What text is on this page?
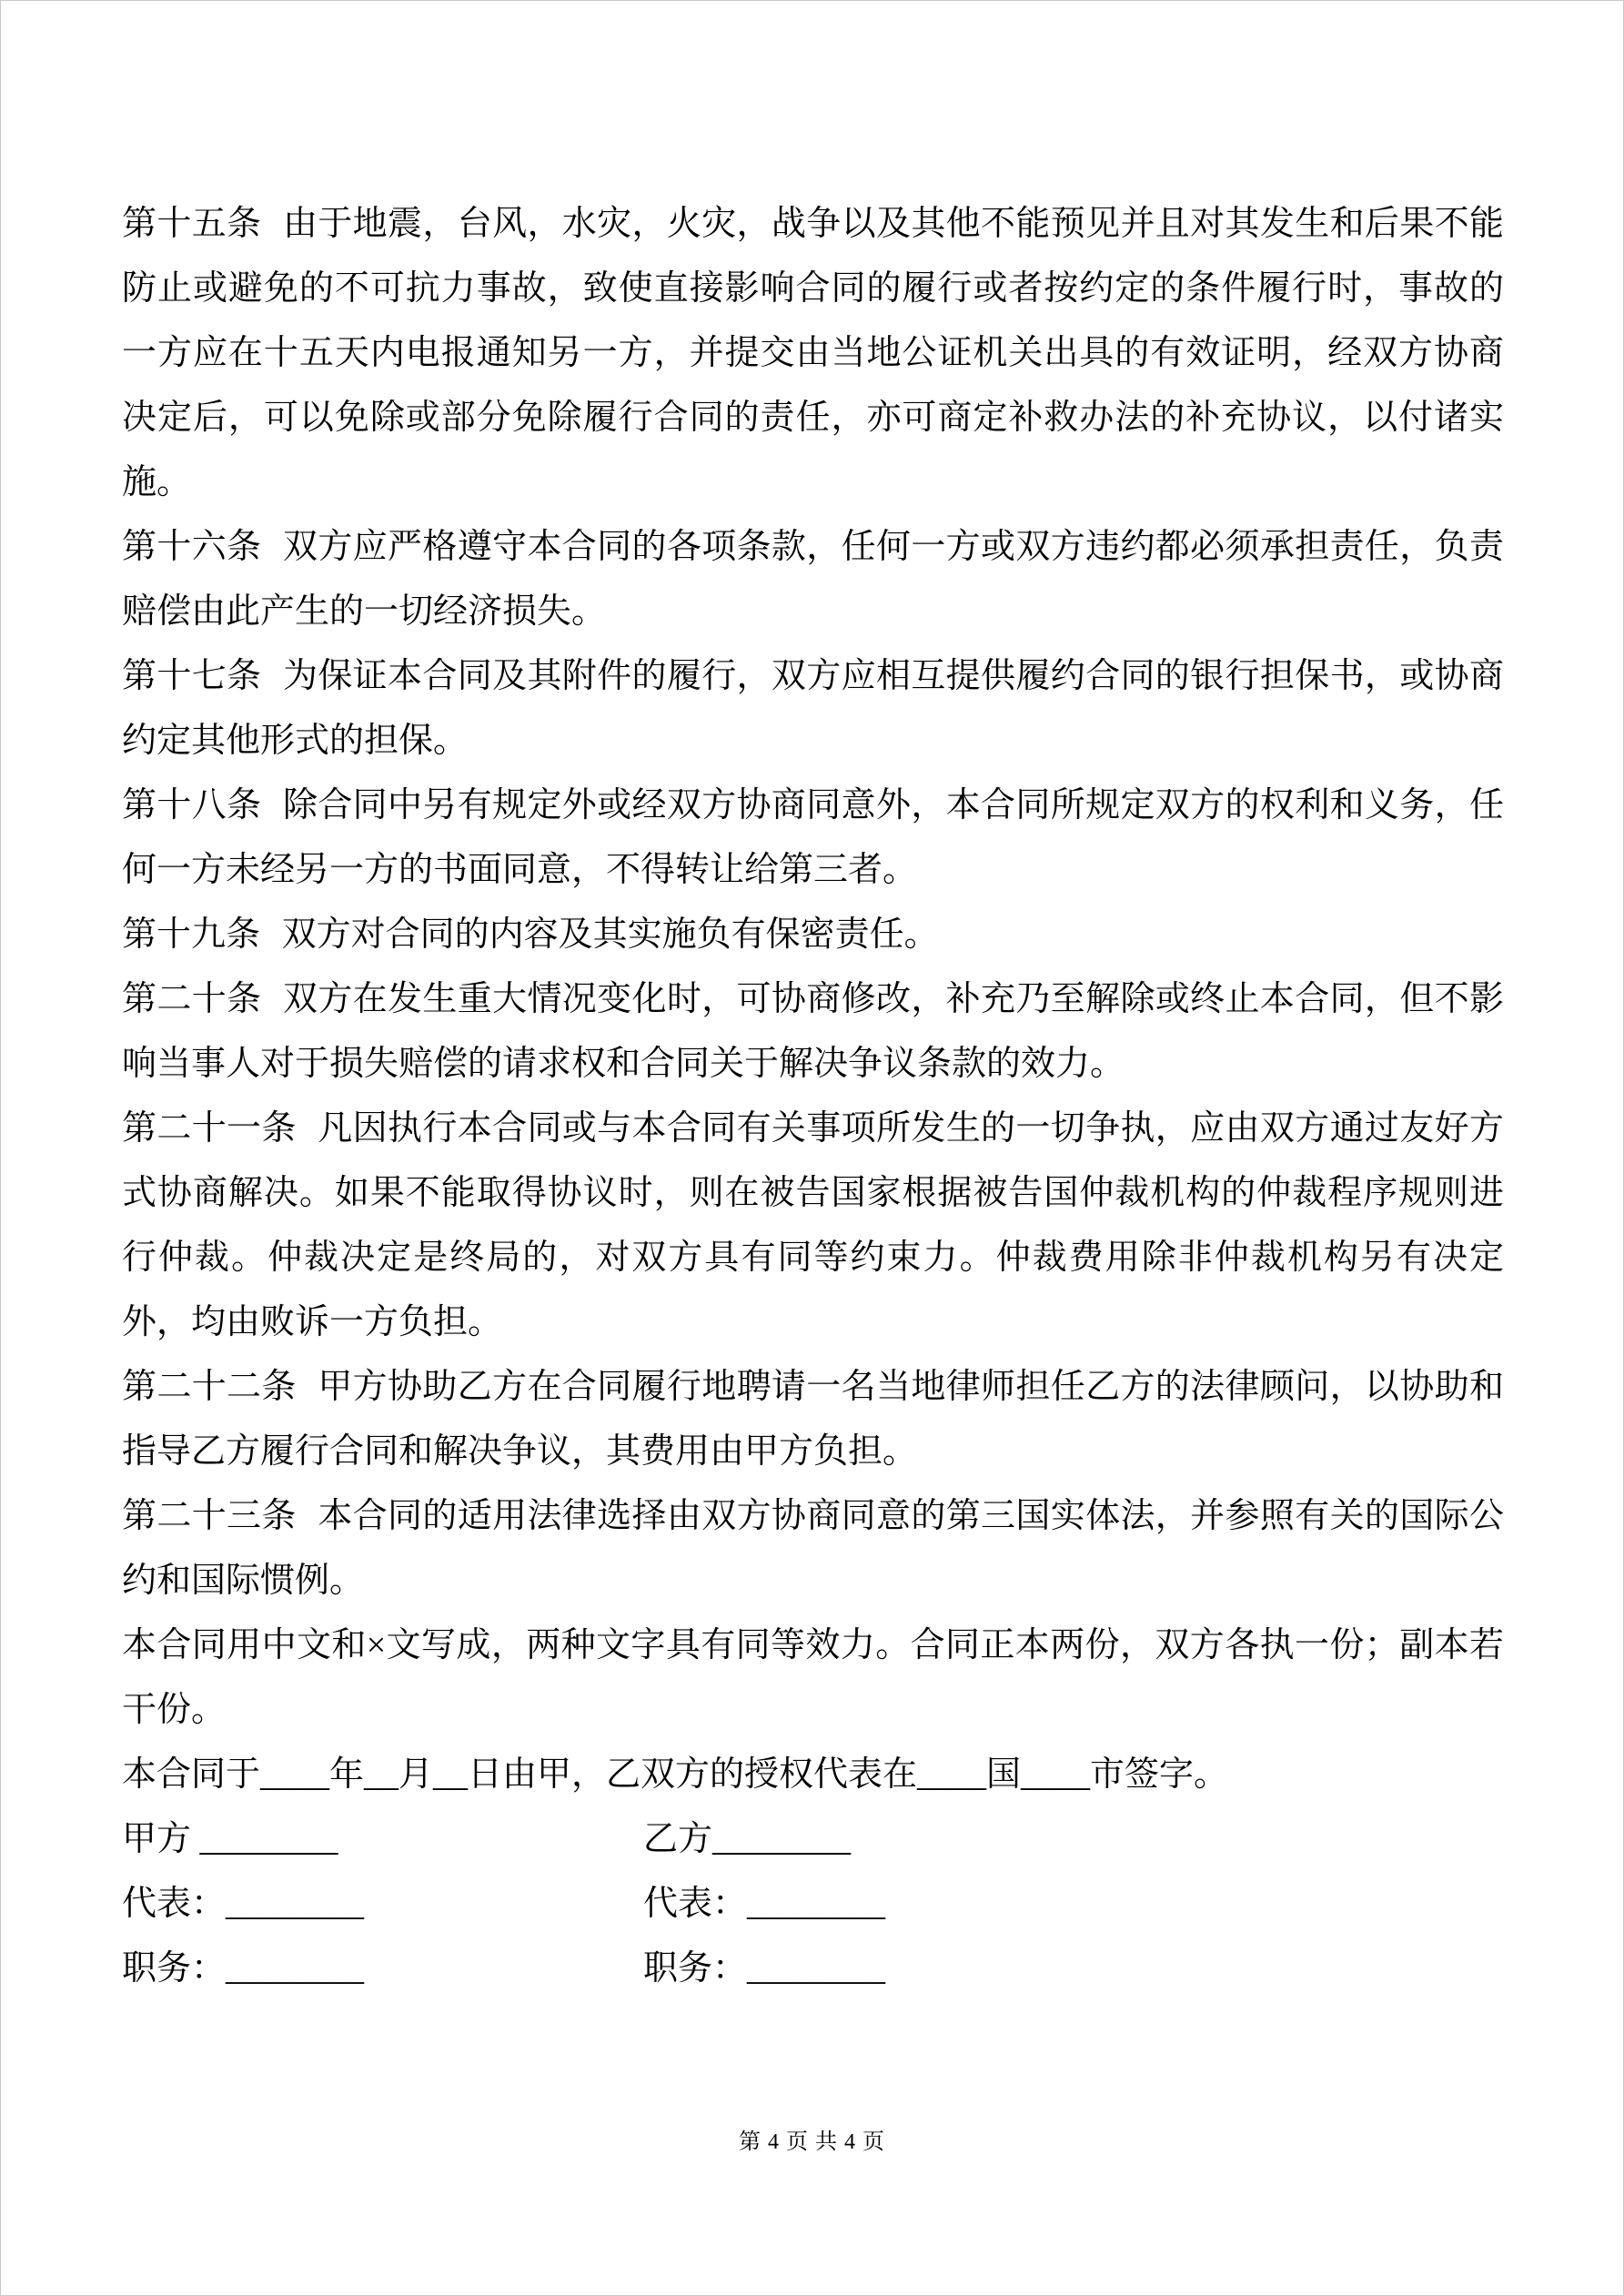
第十五条 由于地震，台风，水灾，火灾，战争以及其他不能预见并且对其发生和后果不能防止或避免的不可抗力事故，致使直接影响合同的履行或者按约定的条件履行时，事故的一方应在十五天内电报通知另一方，并提交由当地公证机关出具的有效证明，经双方协商决定后，可以免除或部分免除履行合同的责任，亦可商定补救办法的补充协议，以付诸实施。

第十六条 双方应严格遵守本合同的各项条款，任何一方或双方违约都必须承担责任，负责赔偿由此产生的一切经济损失。

第十七条 为保证本合同及其附件的履行，双方应相互提供履约合同的银行担保书，或协商约定其他形式的担保。

第十八条 除合同中另有规定外或经双方协商同意外，本合同所规定双方的权利和义务，任何一方未经另一方的书面同意，不得转让给第三者。

第十九条 双方对合同的内容及其实施负有保密责任。

第二十条 双方在发生重大情况变化时，可协商修改，补充乃至解除或终止本合同，但不影响当事人对于损失赔偿的请求权和合同关于解决争议条款的效力。

第二十一条 凡因执行本合同或与本合同有关事项所发生的一切争执，应由双方通过友好方式协商解决。如果不能取得协议时，则在被告国家根据被告国仲裁机构的仲裁程序规则进行仲裁。仲裁决定是终局的，对双方具有同等约束力。仲裁费用除非仲裁机构另有决定外，均由败诉一方负担。

第二十二条 甲方协助乙方在合同履行地聘请一名当地律师担任乙方的法律顾问，以协助和指导乙方履行合同和解决争议，其费用由甲方负担。

第二十三条 本合同的适用法律选择由双方协商同意的第三国实体法，并参照有关的国际公约和国际惯例。

本合同用中文和×文写成，两种文字具有同等效力。合同正本两份，双方各执一份；副本若干份。

本合同于____年__月__日由甲，乙双方的授权代表在____国____市签字。

甲方 ________	乙方________
代表：________	代表：________
职务：________	职务：________
第 4 页 共 4 页
